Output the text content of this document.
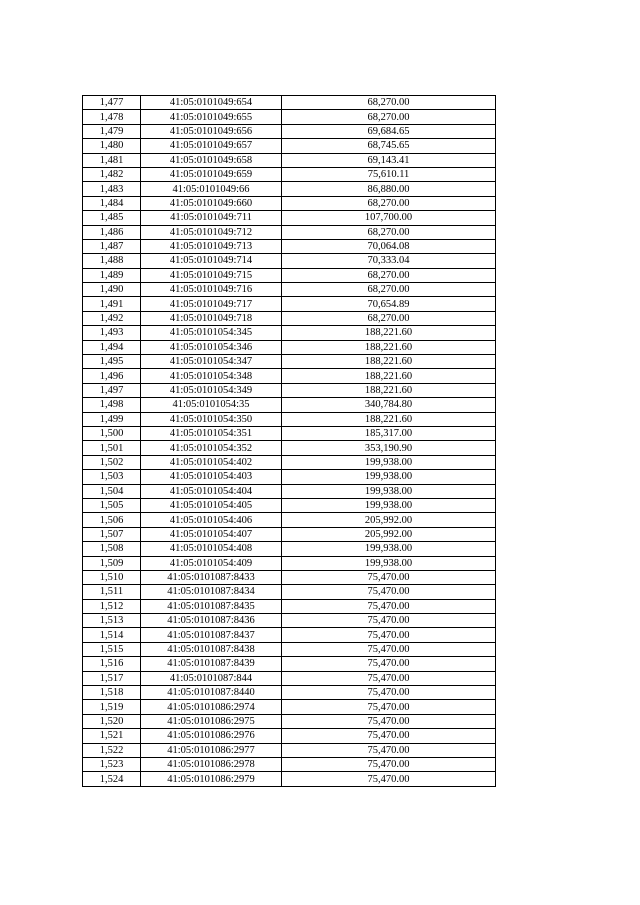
1,477	41:05:0101049:654	68,270.00
1,478	41:05:0101049:655	68,270.00
1,479	41:05:0101049:656	69,684.65
1,480	41:05:0101049:657	68,745.65
1,481	41:05:0101049:658	69,143.41
1,482	41:05:0101049:659	75,610.11
1,483	41:05:0101049:66	86,880.00
1,484	41:05:0101049:660	68,270.00
1,485	41:05:0101049:711	107,700.00
1,486	41:05:0101049:712	68,270.00
1,487	41:05:0101049:713	70,064.08
1,488	41:05:0101049:714	70,333.04
1,489	41:05:0101049:715	68,270.00
1,490	41:05:0101049:716	68,270.00
1,491	41:05:0101049:717	70,654.89
1,492	41:05:0101049:718	68,270.00
1,493	41:05:0101054:345	188,221.60
1,494	41:05:0101054:346	188,221.60
1,495	41:05:0101054:347	188,221.60
1,496	41:05:0101054:348	188,221.60
1,497	41:05:0101054:349	188,221.60
1,498	41:05:0101054:35	340,784.80
1,499	41:05:0101054:350	188,221.60
1,500	41:05:0101054:351	185,317.00
1,501	41:05:0101054:352	353,190.90
1,502	41:05:0101054:402	199,938.00
1,503	41:05:0101054:403	199,938.00
1,504	41:05:0101054:404	199,938.00
1,505	41:05:0101054:405	199,938.00
1,506	41:05:0101054:406	205,992.00
1,507	41:05:0101054:407	205,992.00
1,508	41:05:0101054:408	199,938.00
1,509	41:05:0101054:409	199,938.00
1,510	41:05:0101087:8433	75,470.00
1,511	41:05:0101087:8434	75,470.00
1,512	41:05:0101087:8435	75,470.00
1,513	41:05:0101087:8436	75,470.00
1,514	41:05:0101087:8437	75,470.00
1,515	41:05:0101087:8438	75,470.00
1,516	41:05:0101087:8439	75,470.00
1,517	41:05:0101087:844	75,470.00
1,518	41:05:0101087:8440	75,470.00
1,519	41:05:0101086:2974	75,470.00
1,520	41:05:0101086:2975	75,470.00
1,521	41:05:0101086:2976	75,470.00
1,522	41:05:0101086:2977	75,470.00
1,523	41:05:0101086:2978	75,470.00
1,524	41:05:0101086:2979	75,470.00
